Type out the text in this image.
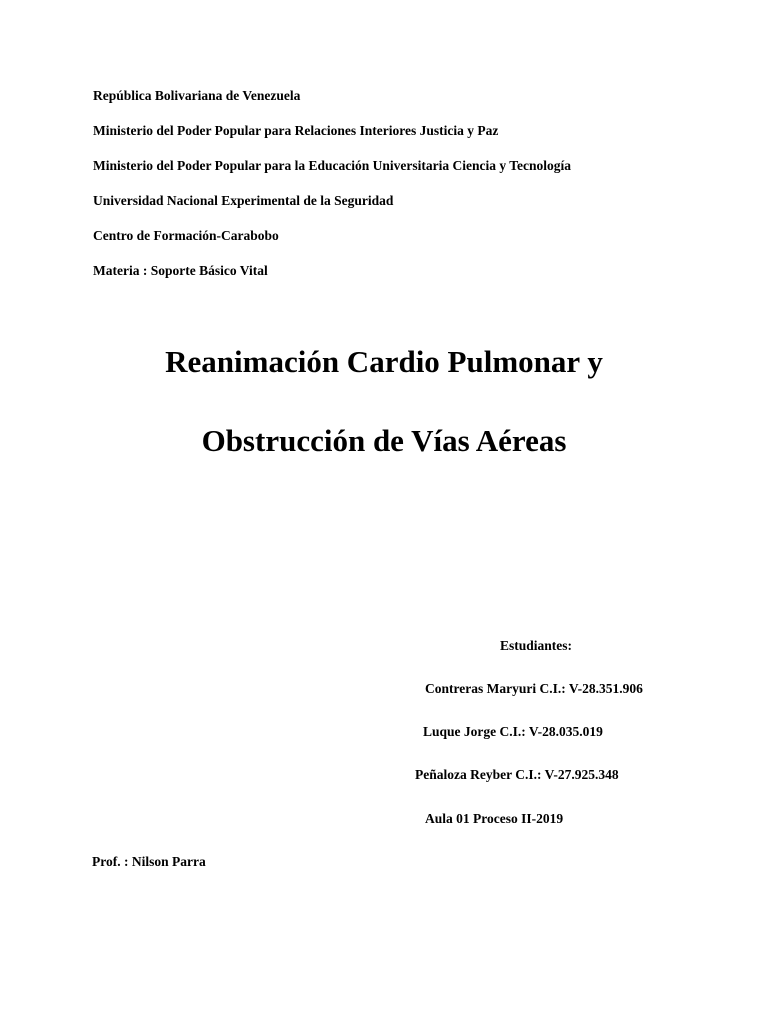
República Bolivariana de Venezuela
Ministerio del Poder Popular para Relaciones Interiores Justicia y Paz
Ministerio del Poder Popular para la Educación Universitaria Ciencia y Tecnología
Universidad Nacional Experimental de la Seguridad
Centro de Formación-Carabobo
Materia : Soporte Básico Vital
Reanimación Cardio Pulmonar y
Obstrucción de Vías Aéreas
Estudiantes:
Contreras Maryuri C.I.: V-28.351.906
Luque Jorge C.I.: V-28.035.019
Peñaloza Reyber C.I.: V-27.925.348
Aula 01 Proceso II-2019
Prof. : Nilson Parra
